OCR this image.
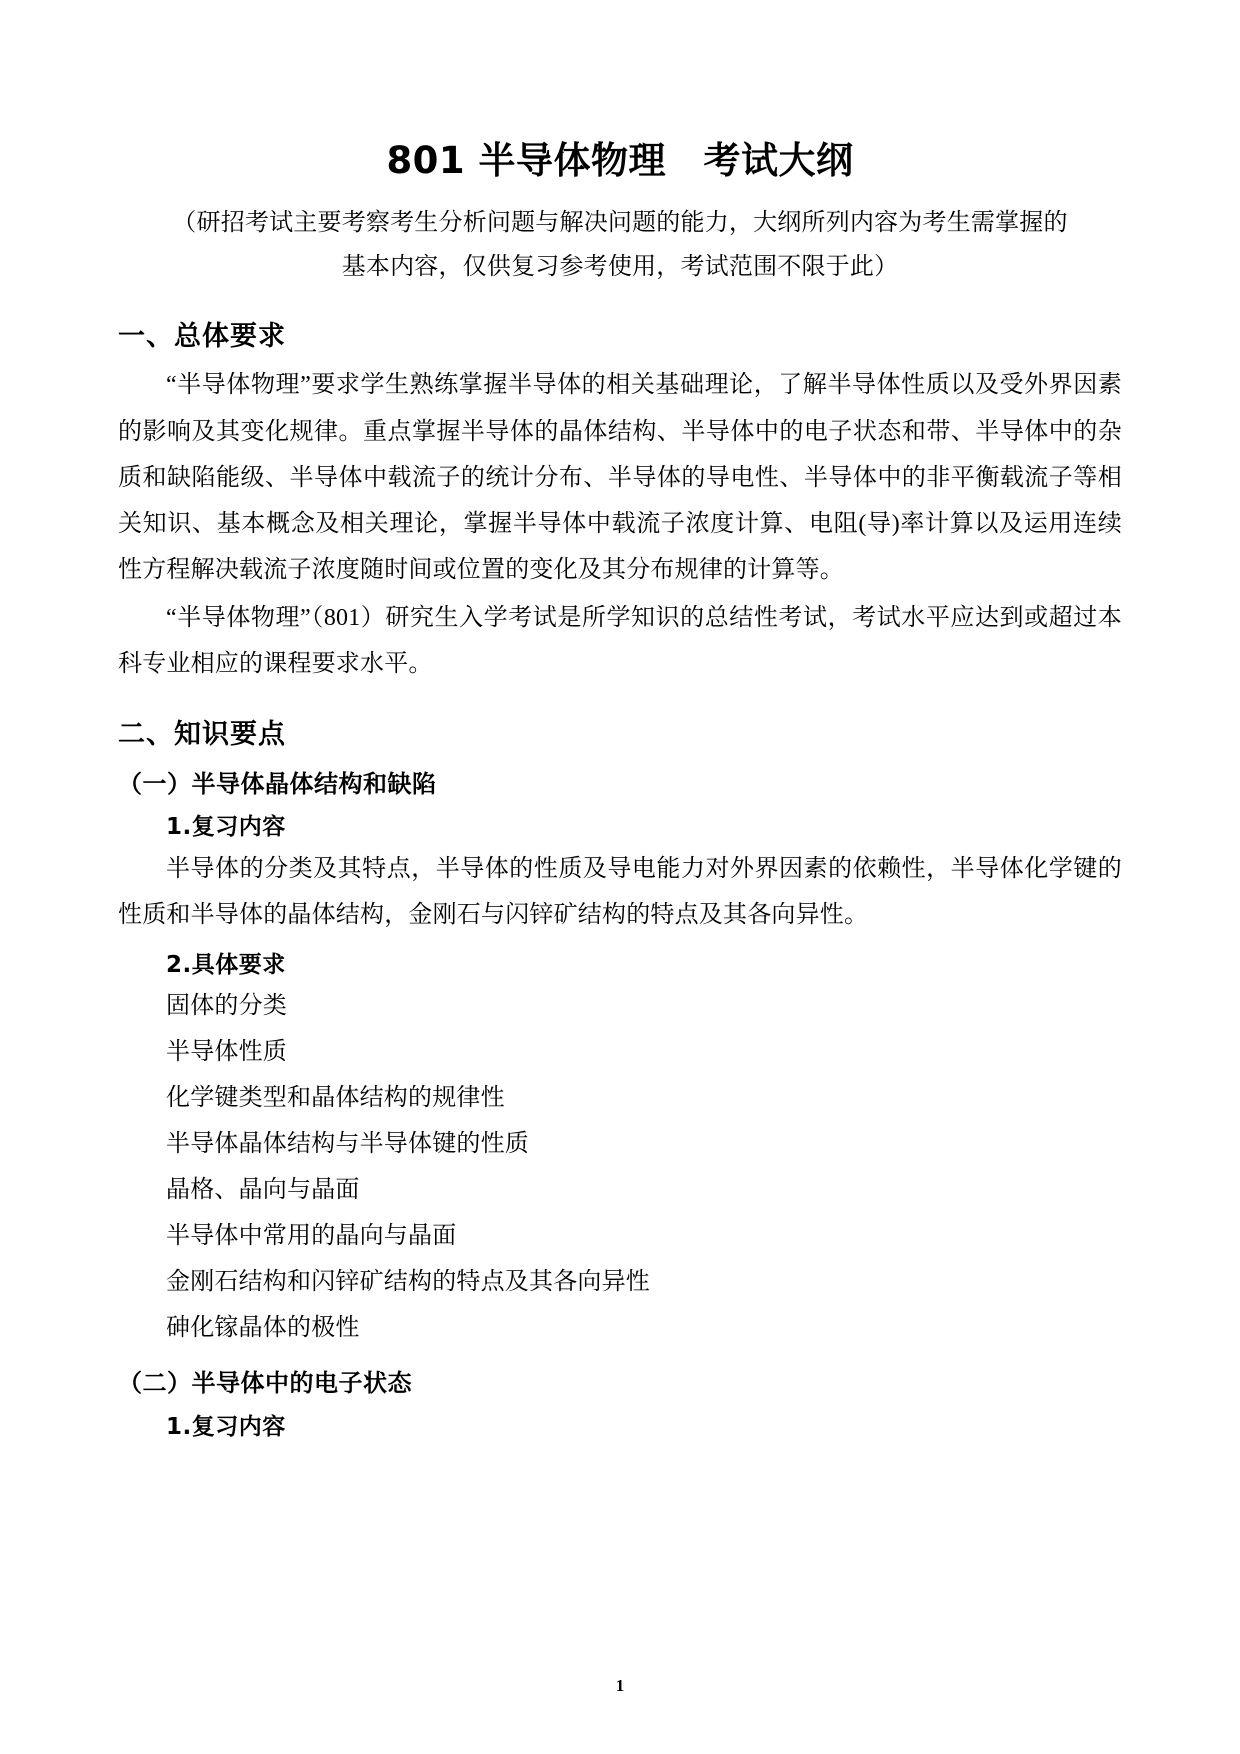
801 半导体物理　考试大纲
（研招考试主要考察考生分析问题与解决问题的能力，大纲所列内容为考生需掌握的
基本内容，仅供复习参考使用，考试范围不限于此）
一、总体要求

“半导体物理”要求学生熟练掌握半导体的相关基础理论，了解半导体性质以及受外界因素的影响及其变化规律。重点掌握半导体的晶体结构、半导体中的电子状态和带、半导体中的杂质和缺陷能级、半导体中载流子的统计分布、半导体的导电性、半导体中的非平衡载流子等相关知识、基本概念及相关理论，掌握半导体中载流子浓度计算、电阻(导)率计算以及运用连续性方程解决载流子浓度随时间或位置的变化及其分布规律的计算等。

“半导体物理”（801）研究生入学考试是所学知识的总结性考试，考试水平应达到或超过本科专业相应的课程要求水平。

二、知识要点
（一）半导体晶体结构和缺陷
1.复习内容

半导体的分类及其特点，半导体的性质及导电能力对外界因素的依赖性，半导体化学键的性质和半导体的晶体结构，金刚石与闪锌矿结构的特点及其各向异性。

2.具体要求
固体的分类
半导体性质
化学键类型和晶体结构的规律性
半导体晶体结构与半导体键的性质
晶格、晶向与晶面
半导体中常用的晶向与晶面
金刚石结构和闪锌矿结构的特点及其各向异性
砷化镓晶体的极性
（二）半导体中的电子状态
1.复习内容
1
